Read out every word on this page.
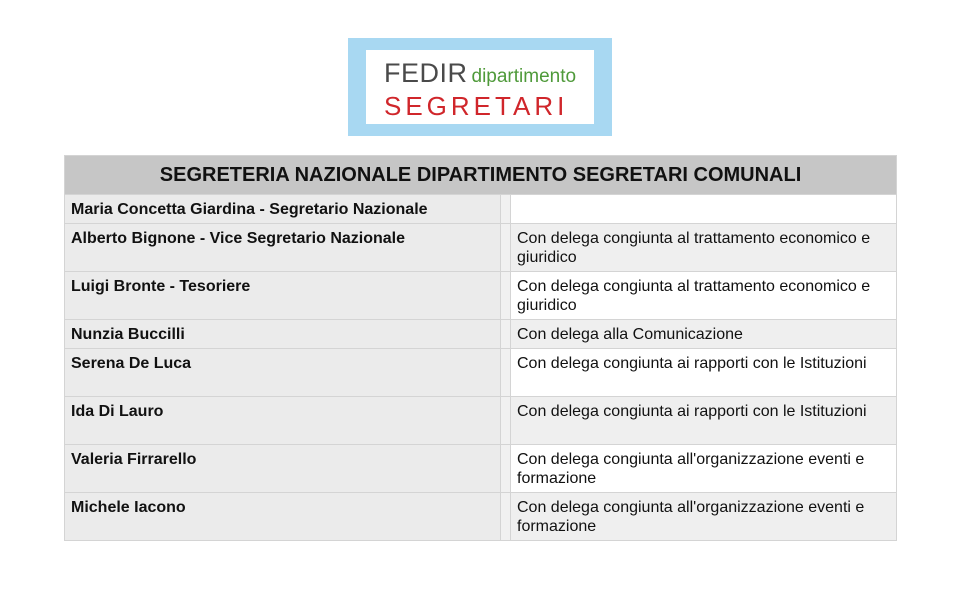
FEDIR dipartimento
SEGRETARI
SEGRETERIA NAZIONALE DIPARTIMENTO SEGRETARI COMUNALI		
Maria Concetta Giardina - Segretario Nazionale		
Alberto Bignone - Vice Segretario Nazionale		Con delega congiunta al trattamento economico e giuridico
Luigi Bronte - Tesoriere		Con delega congiunta al trattamento economico e giuridico
Nunzia Buccilli		Con delega alla Comunicazione
Serena De Luca		Con delega congiunta ai rapporti con le Istituzioni
Ida Di Lauro		Con delega congiunta ai rapporti con le Istituzioni
Valeria Firrarello		Con delega congiunta all'organizzazione eventi e formazione
Michele Iacono		Con delega congiunta all'organizzazione eventi e formazione
